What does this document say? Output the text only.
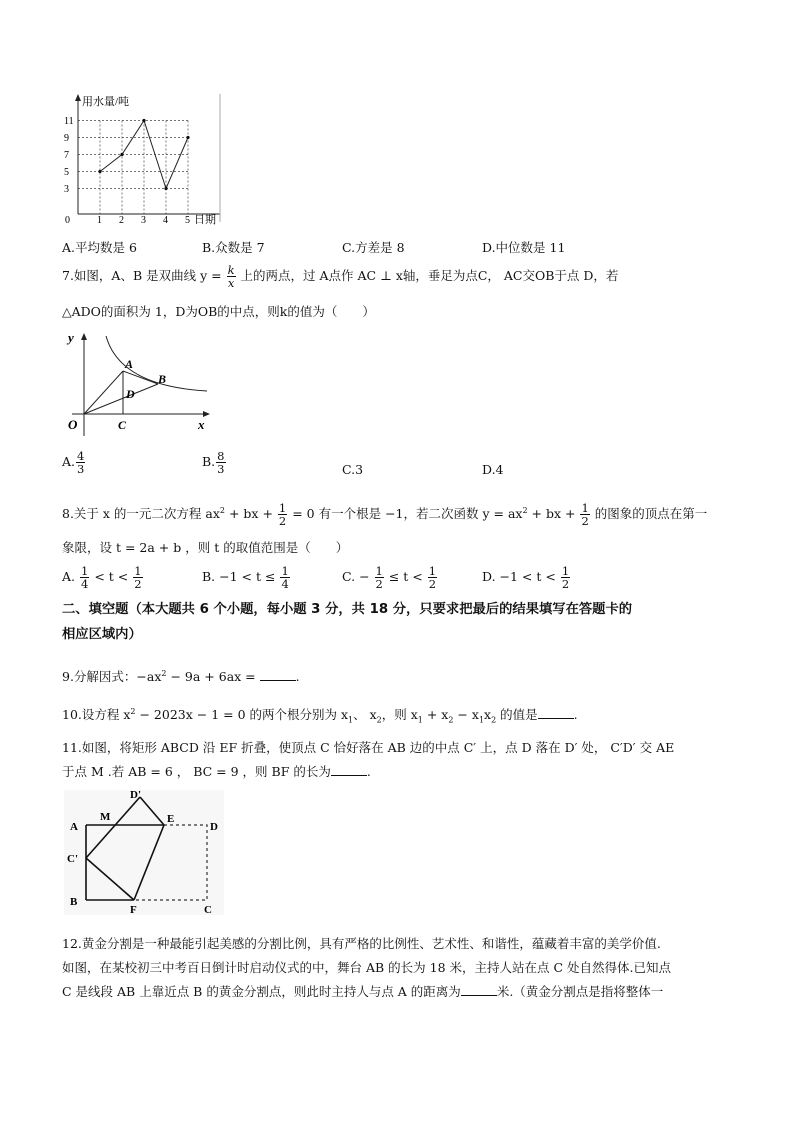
用水量/吨
日期
11
9
7
5
3
0	1 2 3 4 5
A.平均数是 6	B.众数是 7	C.方差是 8	D.中位数是 11
7.如图，A、B 是双曲线 $y = \frac{k}{x}$ 上的两点，过 A点作 AC ⊥ x轴，垂足为点C， AC交OB于点 D，若
△ADO的面积为 1，D为OB的中点，则k的值为（　　）
y
A
B
D
O	C	x
A. $\frac{4}{3}$	B. $\frac{8}{3}$	C.3	D.4
8.关于 x 的一元二次方程 $ax^2$ + bx + $\frac{1}{2} = 0$ 有一个根是 −1，若二次函数 $y = ax^2$ + bx + $\frac{1}{2}$ 的图象的顶点在第一
象限，设 t = 2a + b ，则 t 的取值范围是（　　）
A. $\frac{1}{4} < t < \frac{1}{2}$	B. $-1 < t \le \frac{1}{4}$	C. − $\frac{1}{2} \le t < \frac{1}{2}$	D. $-1 < t < \frac{1}{2}$
二、填空题（本大题共 6 个小题，每小题 3 分，共 18 分，只要求把最后的结果填写在答题卡的
相应区域内）
9.分解因式：$-ax^2 - 9a + 6ax$ =	.
10.设方程 $x^2 - 2023x - 1 = 0$ 的两个根分别为 $x_1$、 $x_2$，则 $x_1 + x_2 - x_1x_2$ 的值是	.
11.如图，将矩形 ABCD 沿 EF 折叠，使顶点 C 恰好落在 AB 边的中点 C′ 上，点 D 落在 D′ 处， C′D′ 交 AE
于点 M .若 AB = 6 ， BC = 9 ，则 BF 的长为	.
D'
A
M	E
D
C'
B
F	C
12.黄金分割是一种最能引起美感的分割比例，具有严格的比例性、艺术性、和谐性，蕴藏着丰富的美学价值.
如图，在某校初三中考百日倒计时启动仪式的中，舞台 AB 的长为 18 米，主持人站在点 C 处自然得体.已知点
C 是线段 AB 上靠近点 B 的黄金分割点，则此时主持人与点 A 的距离为	米.（黄金分割点是指将整体一
